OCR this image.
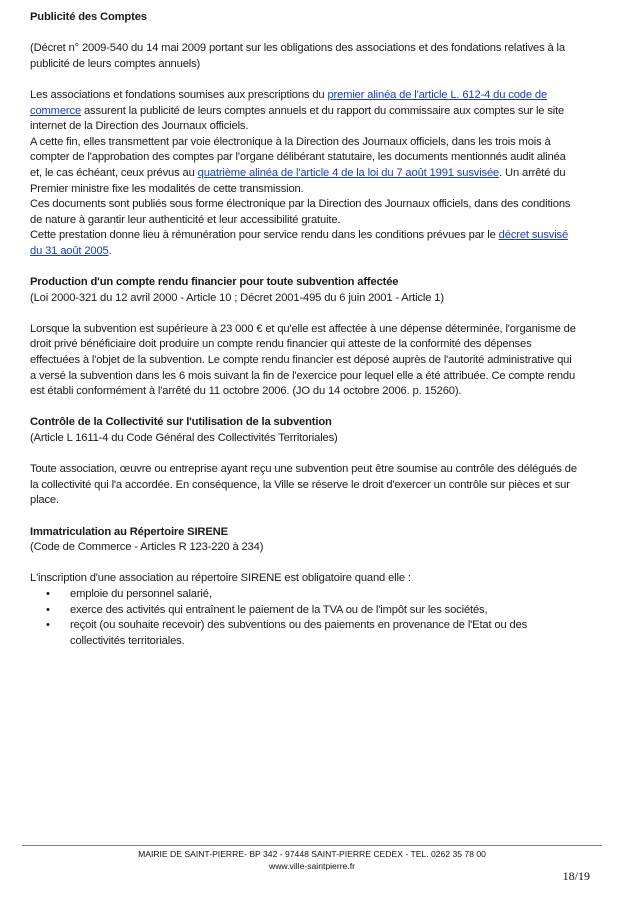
Publicité des Comptes

(Décret n° 2009-540 du 14 mai 2009 portant sur les obligations des associations et des fondations relatives à la publicité de leurs comptes annuels)

Les associations et fondations soumises aux prescriptions du premier alinéa de l'article L. 612-4 du code de commerce assurent la publicité de leurs comptes annuels et du rapport du commissaire aux comptes sur le site internet de la Direction des Journaux officiels.

A cette fin, elles transmettent par voie électronique à la Direction des Journaux officiels, dans les trois mois à compter de l'approbation des comptes par l'organe délibérant statutaire, les documents mentionnés audit alinéa et, le cas échéant, ceux prévus au quatrième alinéa de l'article 4 de la loi du 7 août 1991 susvisée. Un arrêté du Premier ministre fixe les modalités de cette transmission.

Ces documents sont publiés sous forme électronique par la Direction des Journaux officiels, dans des conditions de nature à garantir leur authenticité et leur accessibilité gratuite.

Cette prestation donne lieu à rémunération pour service rendu dans les conditions prévues par le décret susvisé du 31 août 2005.

Production d'un compte rendu financier pour toute subvention affectée

(Loi 2000-321 du 12 avril 2000 - Article 10 ; Décret 2001-495 du 6 juin 2001 - Article 1)

Lorsque la subvention est supérieure à 23 000 € et qu'elle est affectée à une dépense déterminée, l'organisme de droit privé bénéficiaire doit produire un compte rendu financier qui atteste de la conformité des dépenses effectuées à l'objet de la subvention. Le compte rendu financier est déposé auprès de l'autorité administrative qui a versé la subvention dans les 6 mois suivant la fin de l'exercice pour lequel elle a été attribuée. Ce compte rendu est établi conformément à l'arrêté du 11 octobre 2006. (JO du 14 octobre 2006. p. 15260).

Contrôle de la Collectivité sur l'utilisation de la subvention

(Article L 1611-4 du Code Général des Collectivités Territoriales)

Toute association, œuvre ou entreprise ayant reçu une subvention peut être soumise au contrôle des délégués de la collectivité qui l'a accordée. En conséquence, la Ville se réserve le droit d'exercer un contrôle sur pièces et sur place.

Immatriculation au Répertoire SIRENE

(Code de Commerce - Articles R 123-220 à 234)

L'inscription d'une association au répertoire SIRENE est obligatoire quand elle :

• emploie du personnel salarié,
• exerce des activités qui entraînent le paiement de la TVA ou de l'impôt sur les sociétés,
• reçoit (ou souhaite recevoir) des subventions ou des paiements en provenance de l'Etat ou des collectivités territoriales.
MAIRIE DE SAINT-PIERRE- BP 342 - 97448 SAINT-PIERRE CEDEX - TEL. 0262 35 78 00
www.ville-saintpierre.fr
18/19
